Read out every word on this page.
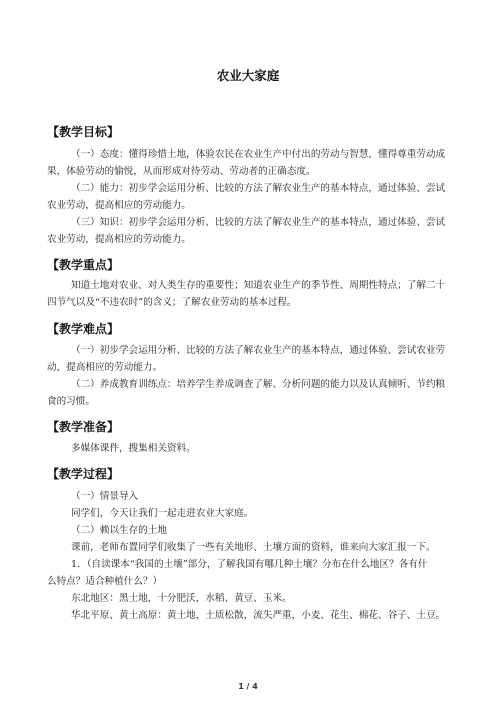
农业大家庭
【教学目标】
（一）态度：懂得珍惜土地，体验农民在农业生产中付出的劳动与智慧，懂得尊重劳动成
果，体验劳动的愉悦，从而形成对待劳动、劳动者的正确态度。
（二）能力：初步学会运用分析、比较的方法了解农业生产的基本特点，通过体验、尝试
农业劳动，提高相应的劳动能力。
（三）知识：初步学会运用分析、比较的方法了解农业生产的基本特点，通过体验、尝试
农业劳动，提高相应的劳动能力。
【教学重点】
知道土地对农业、对人类生存的重要性；知道农业生产的季节性、周期性特点；了解二十
四节气以及“不违农时”的含义；了解农业劳动的基本过程。
【教学难点】
（一）初步学会运用分析、比较的方法了解农业生产的基本特点，通过体验、尝试农业劳
动，提高相应的劳动能力。
（二）养成教育训练点：培养学生养成调查了解、分析问题的能力以及认真倾听、节约粮
食的习惯。
【教学准备】
多媒体课件，搜集相关资料。
【教学过程】
（一）情景导入
同学们，今天让我们一起走进农业大家庭。
（二）赖以生存的土地
课前，老师布置同学们收集了一些有关地形、土壤方面的资料，谁来向大家汇报一下。
1．（自读课本“我国的土壤”部分，了解我国有哪几种土壤？分布在什么地区？各有什
么特点？适合种植什么？）
东北地区：黑土地，十分肥沃，水稻、黄豆、玉米。
华北平原、黄土高原：黄土地，土质松散，流失严重，小麦、花生、棉花、谷子、土豆。
1 / 4
